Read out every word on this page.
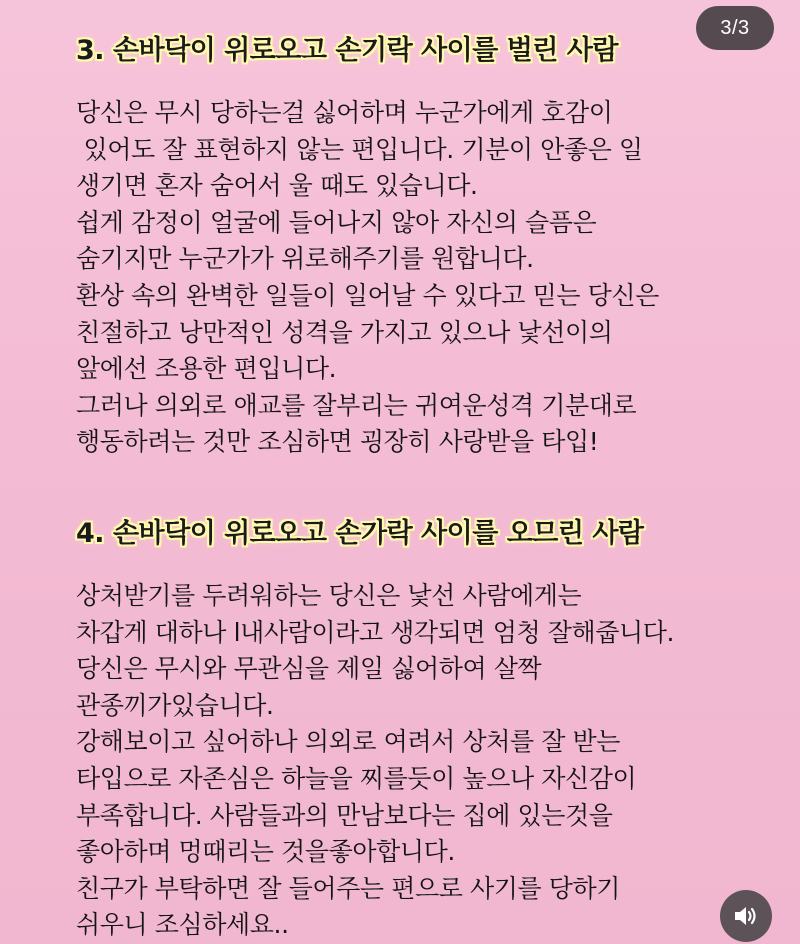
3/3
3. 손바닥이 위로오고 손기락 사이를 벌린 사람
당신은 무시 당하는걸 싫어하며 누군가에게 호감이
있어도 잘 표현하지 않는 편입니다. 기분이 안좋은 일
생기면 혼자 숨어서 울 때도 있습니다.
쉽게 감정이 얼굴에 들어나지 않아 자신의 슬픔은
숨기지만 누군가가 위로해주기를 원합니다.
환상 속의 완벽한 일들이 일어날 수 있다고 믿는 당신은
친절하고 낭만적인 성격을 가지고 있으나 낯선이의
앞에선 조용한 편입니다.
그러나 의외로 애교를 잘부리는 귀여운성격 기분대로
행동하려는 것만 조심하면 굉장히 사랑받을 타입!
4. 손바닥이 위로오고 손가락 사이를 오므린 사람
상처받기를 두려워하는 당신은 낯선 사람에게는
차갑게 대하나 l내사람이라고 생각되면 엄청 잘해줍니다.
당신은 무시와 무관심을 제일 싫어하여 살짝
관종끼가있습니다.
강해보이고 싶어하나 의외로 여려서 상처를 잘 받는
타입으로 자존심은 하늘을 찌를듯이 높으나 자신감이
부족합니다. 사람들과의 만남보다는 집에 있는것을
좋아하며 멍때리는 것을좋아합니다.
친구가 부탁하면 잘 들어주는 편으로 사기를 당하기
쉬우니 조심하세요..
